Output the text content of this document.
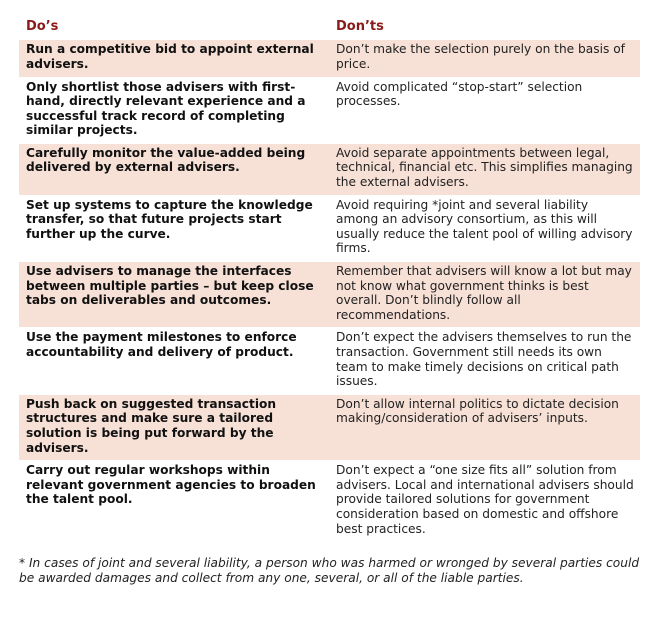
Do’s	Don’ts
Run a competitive bid to appoint external advisers.	Don’t make the selection purely on the basis of price.
Only shortlist those advisers with first-hand, directly relevant experience and a successful track record of completing similar projects.	Avoid complicated “stop-start” selection processes.
Carefully monitor the value-added being delivered by external advisers.	Avoid separate appointments between legal, technical, financial etc. This simplifies managing the external advisers.
Set up systems to capture the knowledge transfer, so that future projects start further up the curve.	Avoid requiring *joint and several liability among an advisory consortium, as this will usually reduce the talent pool of willing advisory firms.
Use advisers to manage the interfaces between multiple parties – but keep close tabs on deliverables and outcomes.	Remember that advisers will know a lot but may not know what government thinks is best overall. Don’t blindly follow all recommendations.
Use the payment milestones to enforce accountability and delivery of product.	Don’t expect the advisers themselves to run the transaction. Government still needs its own team to make timely decisions on critical path issues.
Push back on suggested transaction structures and make sure a tailored solution is being put forward by the advisers.	Don’t allow internal politics to dictate decision making/consideration of advisers’ inputs.
Carry out regular workshops within relevant government agencies to broaden the talent pool.	Don’t expect a “one size fits all” solution from advisers. Local and international advisers should provide tailored solutions for government consideration based on domestic and offshore best practices.
* In cases of joint and several liability, a person who was harmed or wronged by several parties could be awarded damages and collect from any one, several, or all of the liable parties.
